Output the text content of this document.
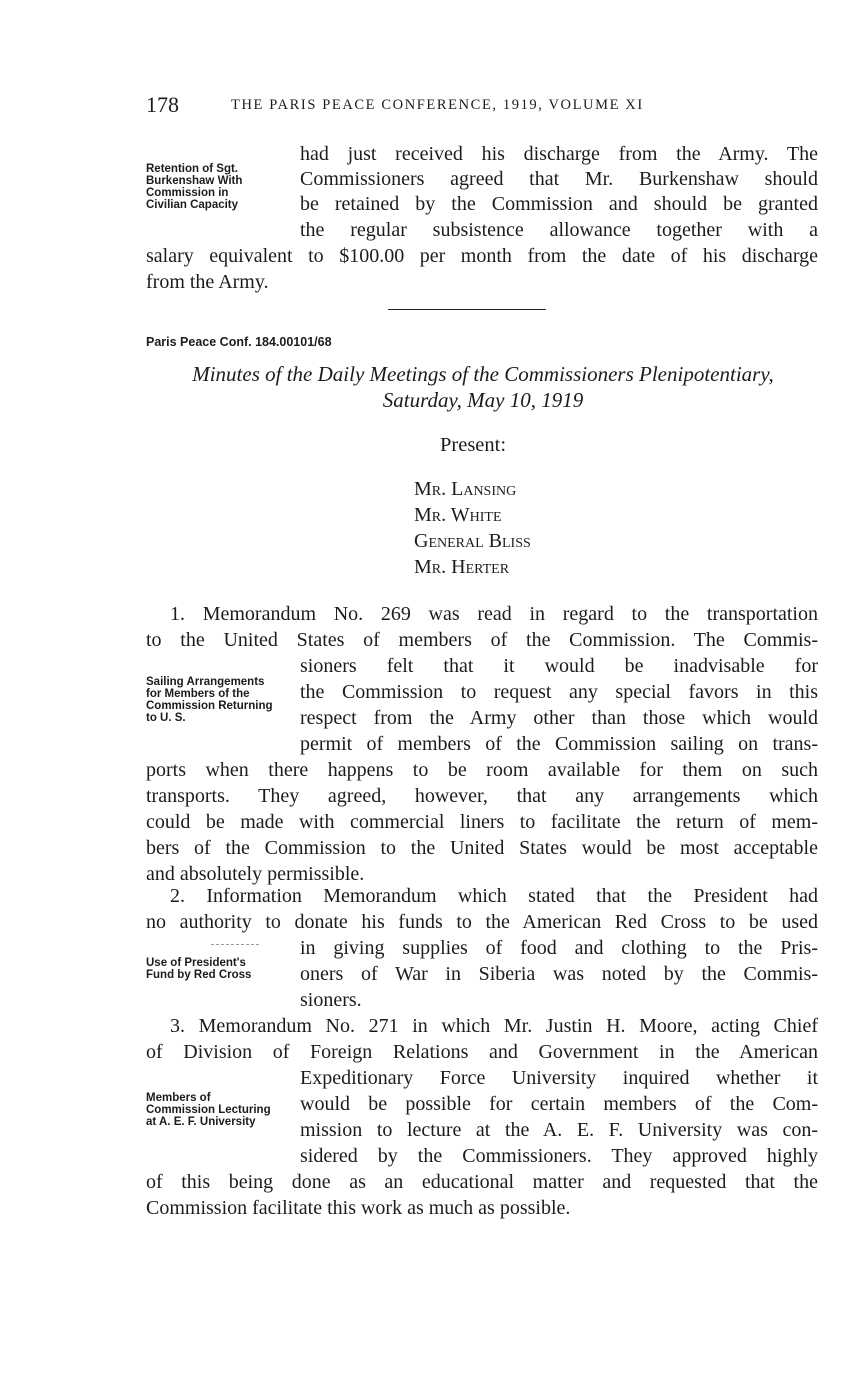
178	THE PARIS PEACE CONFERENCE, 1919, VOLUME XI
Retention of Sgt. Burkenshaw With Commission in Civilian Capacity

had just received his discharge from the Army. The

Commissioners agreed that Mr. Burkenshaw should

be retained by the Commission and should be granted

the regular subsistence allowance together with a

salary equivalent to $100.00 per month from the date of his discharge

from the Army.

Paris Peace Conf. 184.00101/68
Minutes of the Daily Meetings of the Commissioners Plenipotentiary,
Saturday, May 10, 1919
Present:
Mr. Lansing
Mr. White
General Bliss
Mr. Herter
Sailing Arrangements for Members of the Commission Returning to U. S.

1. Memorandum No. 269 was read in regard to the transportation

to the United States of members of the Commission. The Commis-

sioners felt that it would be inadvisable for

the Commission to request any special favors in this

respect from the Army other than those which would

permit of members of the Commission sailing on trans-

ports when there happens to be room available for them on such

transports. They agreed, however, that any arrangements which

could be made with commercial liners to facilitate the return of mem-

bers of the Commission to the United States would be most acceptable

and absolutely permissible.

Use of President's Fund by Red Cross

2. Information Memorandum which stated that the President had

no authority to donate his funds to the American Red Cross to be used

in giving supplies of food and clothing to the Pris-

oners of War in Siberia was noted by the Commis-

sioners.

Members of Commission Lecturing at A. E. F. University

3. Memorandum No. 271 in which Mr. Justin H. Moore, acting Chief

of Division of Foreign Relations and Government in the American

Expeditionary Force University inquired whether it

would be possible for certain members of the Com-

mission to lecture at the A. E. F. University was con-

sidered by the Commissioners. They approved highly

of this being done as an educational matter and requested that the

Commission facilitate this work as much as possible.
